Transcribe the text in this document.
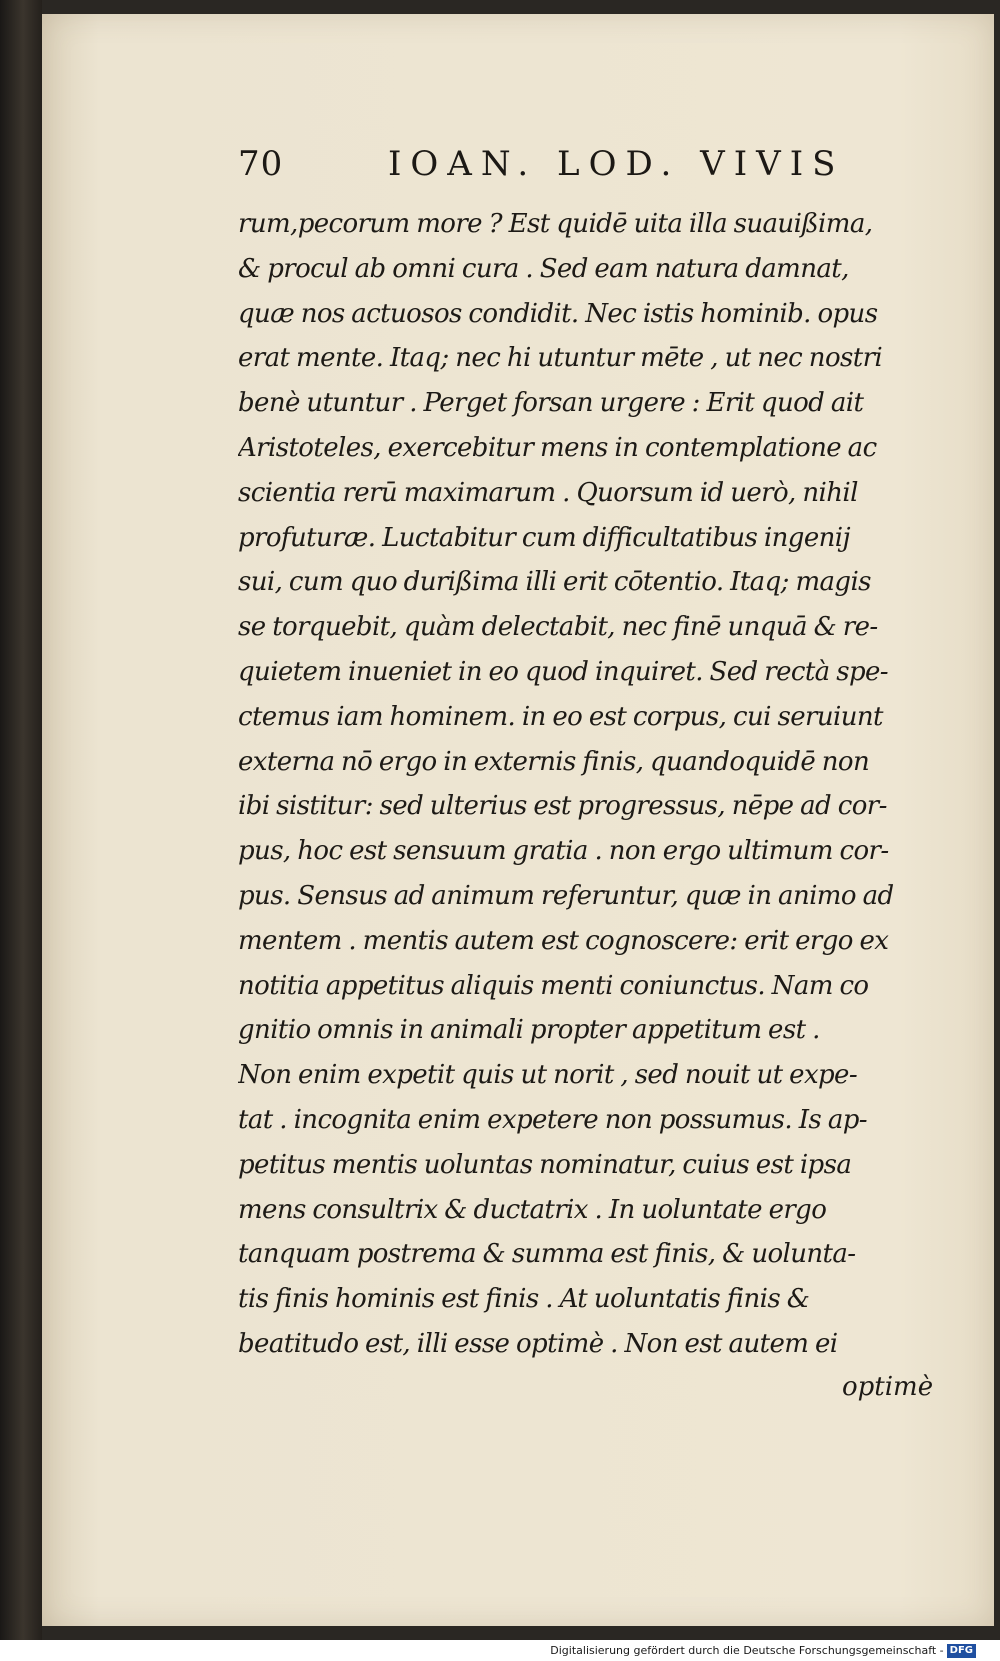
70	IOAN. LOD. VIVIS
rum,pecorum more ? Est quidē uita illa suauißima,
& procul ab omni cura . Sed eam natura damnat,
quæ nos actuosos condidit. Nec istis hominib. opus
erat mente. Itaq; nec hi utuntur mēte , ut nec nostri
benè utuntur . Perget forsan urgere : Erit quod ait
Aristoteles, exercebitur mens in contemplatione ac
scientia rerū maximarum . Quorsum id uerò, nihil
profuturæ. Luctabitur cum difficultatibus ingenij
sui, cum quo durißima illi erit cōtentio. Itaq; magis
se torquebit, quàm delectabit, nec finē unquā & re-
quietem inueniet in eo quod inquiret. Sed rectà spe-
ctemus iam hominem. in eo est corpus, cui seruiunt
externa nō ergo in externis finis, quandoquidē non
ibi sistitur: sed ulterius est progressus, nēpe ad cor-
pus, hoc est sensuum gratia . non ergo ultimum cor-
pus. Sensus ad animum referuntur, quæ in animo ad
mentem . mentis autem est cognoscere: erit ergo ex
notitia appetitus aliquis menti coniunctus. Nam co
gnitio omnis in animali propter appetitum est .
Non enim expetit quis ut norit , sed nouit ut expe-
tat . incognita enim expetere non possumus. Is ap-
petitus mentis uoluntas nominatur, cuius est ipsa
mens consultrix & ductatrix . In uoluntate ergo
tanquam postrema & summa est finis, & uolunta-
tis finis hominis est finis . At uoluntatis finis &
beatitudo est, illi esse optimè . Non est autem ei
optimè
Digitalisierung gefördert durch die Deutsche Forschungsgemeinschaft - DFG
